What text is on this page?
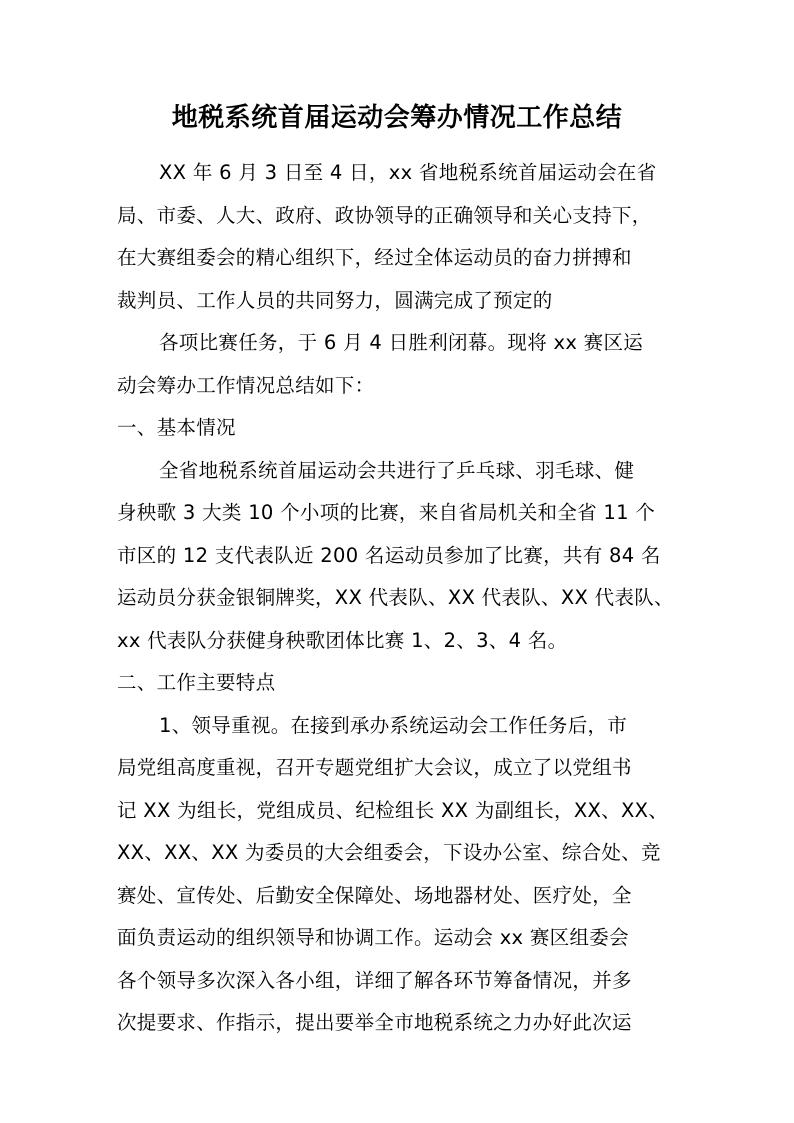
地税系统首届运动会筹办情况工作总结
XX 年 6 月 3 日至 4 日，xx 省地税系统首届运动会在省
局、市委、人大、政府、政协领导的正确领导和关心支持下，
在大赛组委会的精心组织下，经过全体运动员的奋力拼搏和
裁判员、工作人员的共同努力，圆满完成了预定的
各项比赛任务，于 6 月 4 日胜利闭幕。现将 xx 赛区运
动会筹办工作情况总结如下：
一、基本情况
全省地税系统首届运动会共进行了乒乓球、羽毛球、健
身秧歌 3 大类 10 个小项的比赛，来自省局机关和全省 11 个
市区的 12 支代表队近 200 名运动员参加了比赛，共有 84 名
运动员分获金银铜牌奖，XX 代表队、XX 代表队、XX 代表队、
xx 代表队分获健身秧歌团体比赛 1、2、3、4 名。
二、工作主要特点
1、领导重视。在接到承办系统运动会工作任务后，市
局党组高度重视，召开专题党组扩大会议，成立了以党组书
记 XX 为组长，党组成员、纪检组长 XX 为副组长，XX、XX、
XX、XX、XX 为委员的大会组委会，下设办公室、综合处、竞
赛处、宣传处、后勤安全保障处、场地器材处、医疗处，全
面负责运动的组织领导和协调工作。运动会 xx 赛区组委会
各个领导多次深入各小组，详细了解各环节筹备情况，并多
次提要求、作指示，提出要举全市地税系统之力办好此次运
